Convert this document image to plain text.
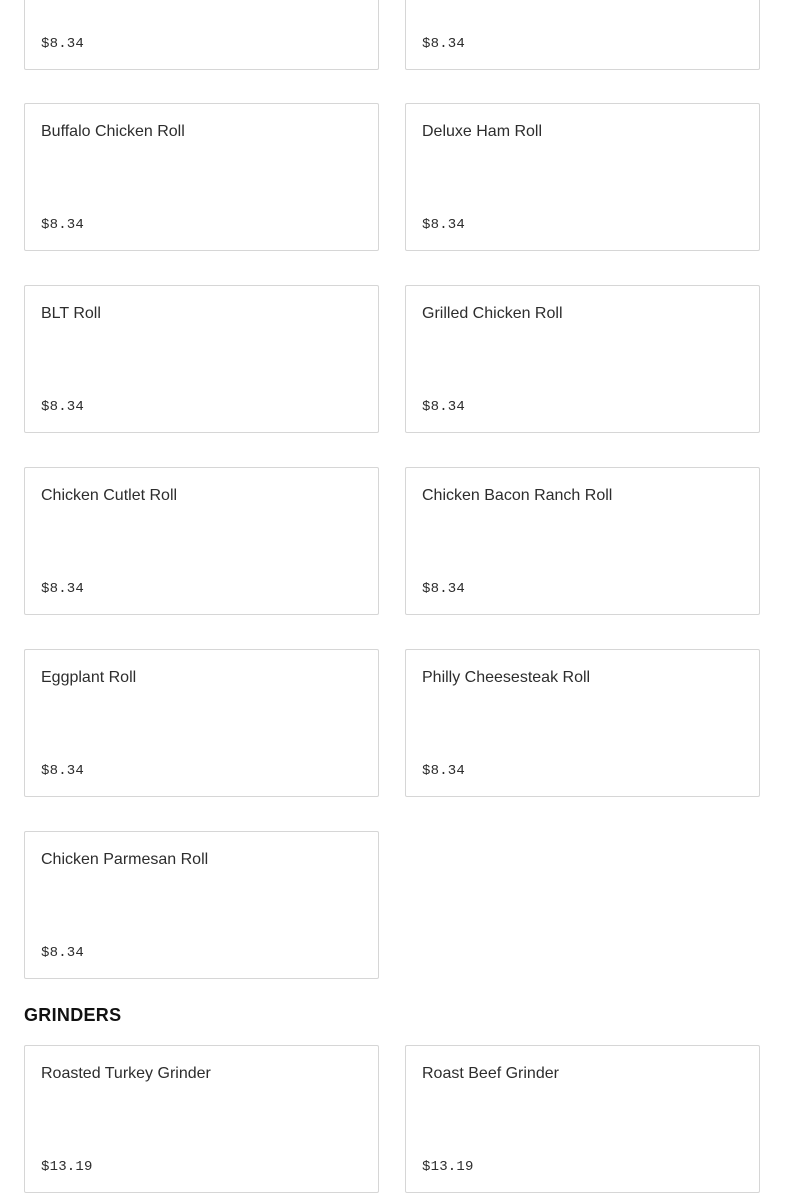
$8.34	$8.34
Buffalo Chicken Roll
$8.34
Deluxe Ham Roll
$8.34
BLT Roll
$8.34
Grilled Chicken Roll
$8.34
Chicken Cutlet Roll
$8.34
Chicken Bacon Ranch Roll
$8.34
Eggplant Roll
$8.34
Philly Cheesesteak Roll
$8.34
Chicken Parmesan Roll
$8.34
GRINDERS
Roasted Turkey Grinder
$13.19
Roast Beef Grinder
$13.19
